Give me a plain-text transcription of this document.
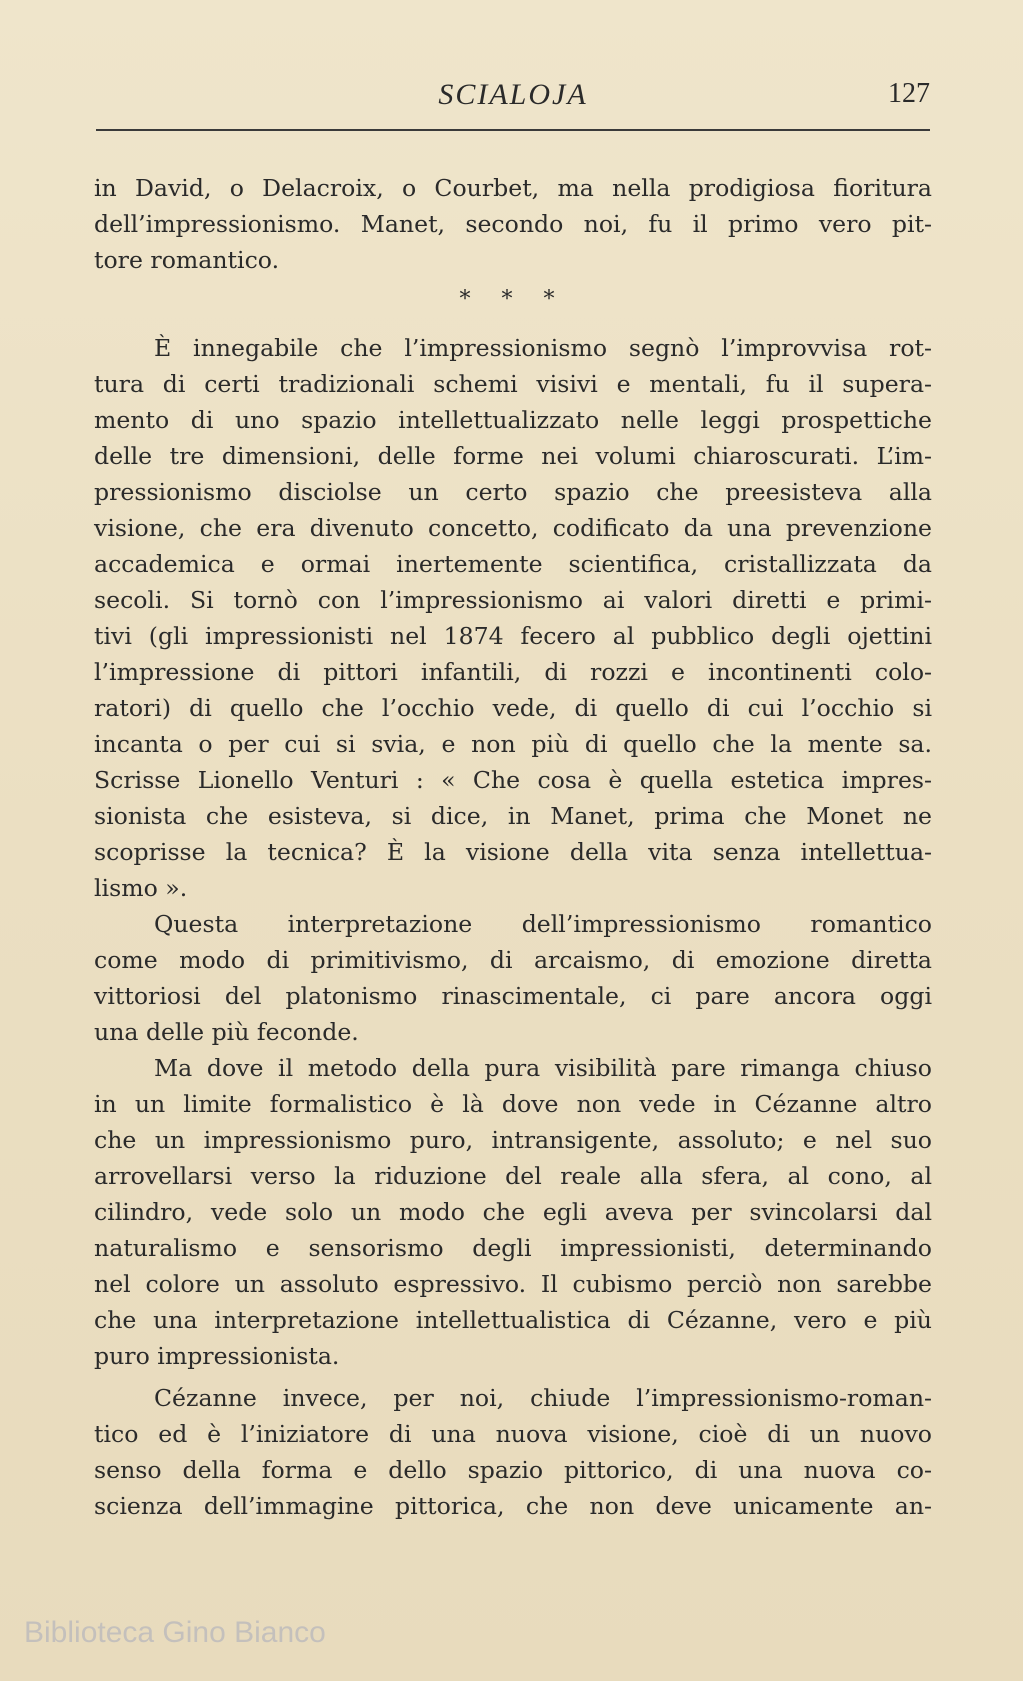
SCIALOJA	127

in David, o Delacroix, o Courbet, ma nella prodigiosa fioritura
dell’impressionismo. Manet, secondo noi, fu il primo vero pit-

tore romantico.

* * *

È innegabile che l’impressionismo segnò l’improvvisa rot-
tura di certi tradizionali schemi visivi e mentali, fu il supera-
mento di uno spazio intellettualizzato nelle leggi prospettiche
delle tre dimensioni, delle forme nei volumi chiaroscurati. L’im-
pressionismo disciolse un certo spazio che preesisteva alla
visione, che era divenuto concetto, codificato da una prevenzione
accademica e ormai inertemente scientifica, cristallizzata da
secoli. Si tornò con l’impressionismo ai valori diretti e primi-
tivi (gli impressionisti nel 1874 fecero al pubblico degli ojettini
l’impressione di pittori infantili, di rozzi e incontinenti colo-
ratori) di quello che l’occhio vede, di quello di cui l’occhio si
incanta o per cui si svia, e non più di quello che la mente sa.
Scrisse Lionello Venturi : « Che cosa è quella estetica impres-
sionista che esisteva, si dice, in Manet, prima che Monet ne
scoprisse la tecnica? È la visione della vita senza intellettua-

lismo ».

Questa interpretazione dell’impressionismo romantico
come modo di primitivismo, di arcaismo, di emozione diretta
vittoriosi del platonismo rinascimentale, ci pare ancora oggi

una delle più feconde.

Ma dove il metodo della pura visibilità pare rimanga chiuso
in un limite formalistico è là dove non vede in Cézanne altro
che un impressionismo puro, intransigente, assoluto; e nel suo
arrovellarsi verso la riduzione del reale alla sfera, al cono, al
cilindro, vede solo un modo che egli aveva per svincolarsi dal
naturalismo e sensorismo degli impressionisti, determinando
nel colore un assoluto espressivo. Il cubismo perciò non sarebbe
che una interpretazione intellettualistica di Cézanne, vero e più

puro impressionista.

Cézanne invece, per noi, chiude l’impressionismo-roman-
tico ed è l’iniziatore di una nuova visione, cioè di un nuovo
senso della forma e dello spazio pittorico, di una nuova co-
scienza dell’immagine pittorica, che non deve unicamente an-

Biblioteca Gino Bianco
